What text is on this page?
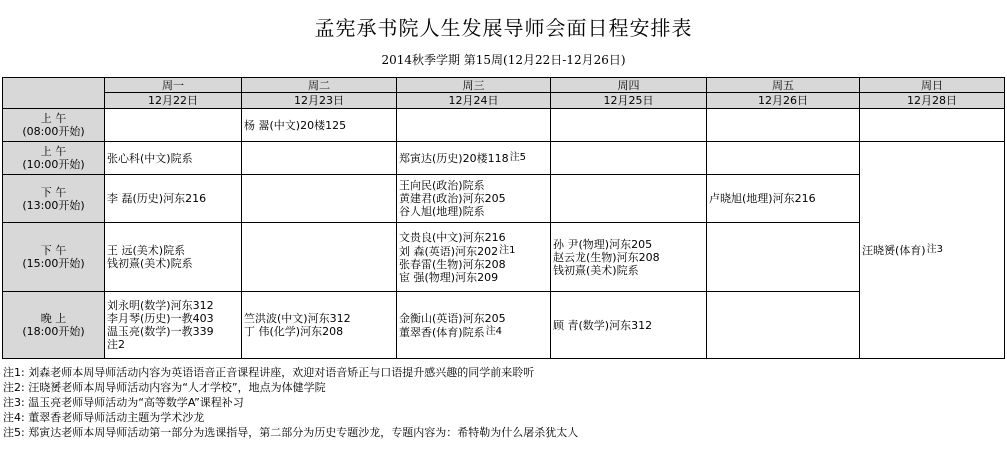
孟宪承书院人生发展导师会面日程安排表
2014秋季学期 第15周(12月22日-12月26日)
	周一	周二	周三	周四	周五	周日	
	12月22日	12月23日	12月24日	12月25日	12月26日	12月28日	

上 午
(08:00开始)		杨 翯(中文)20楼125					

上 午
(10:00开始)	张心科(中文)院系		郑寅达(历史)20楼118$^{注5}$			汪晓赟(体育)$^{注3}$

下 午
(13:00开始)	李 磊(历史)河东216		王向民(政治)院系
黄建君(政治)河东205
谷人旭(地理)院系		卢晓旭(地理)河东216		

下 午
(15:00开始)	王 远(美术)院系
钱初熹(美术)院系		文贵良(中文)河东216
刘 森(英语)河东202$^{注1}$
张春雷(生物)河东208
宦 强(物理)河东209	孙 尹(物理)河东205
赵云龙(生物)河东208
钱初熹(美术)院系			

晚 上
(18:00开始)	刘永明(数学)河东312
李月琴(历史)一教403
温玉亮(数学)一教339
注2	竺洪波(中文)河东312
丁 伟(化学)河东208	金衡山(英语)河东205
董翠香(体育)院系$^{注4}$	顾 青(数学)河东312			

注1: 刘森老师本周导师活动内容为英语语音正音课程讲座，欢迎对语音矫正与口语提升感兴趣的同学前来聆听
注2: 汪晓赟老师本周导师活动内容为“人才学校”，地点为体健学院
注3: 温玉亮老师导师活动为“高等数学A”课程补习
注4: 董翠香老师导师活动主题为学术沙龙
注5: 郑寅达老师本周导师活动第一部分为选课指导，第二部分为历史专题沙龙，专题内容为：希特勒为什么屠杀犹太人
